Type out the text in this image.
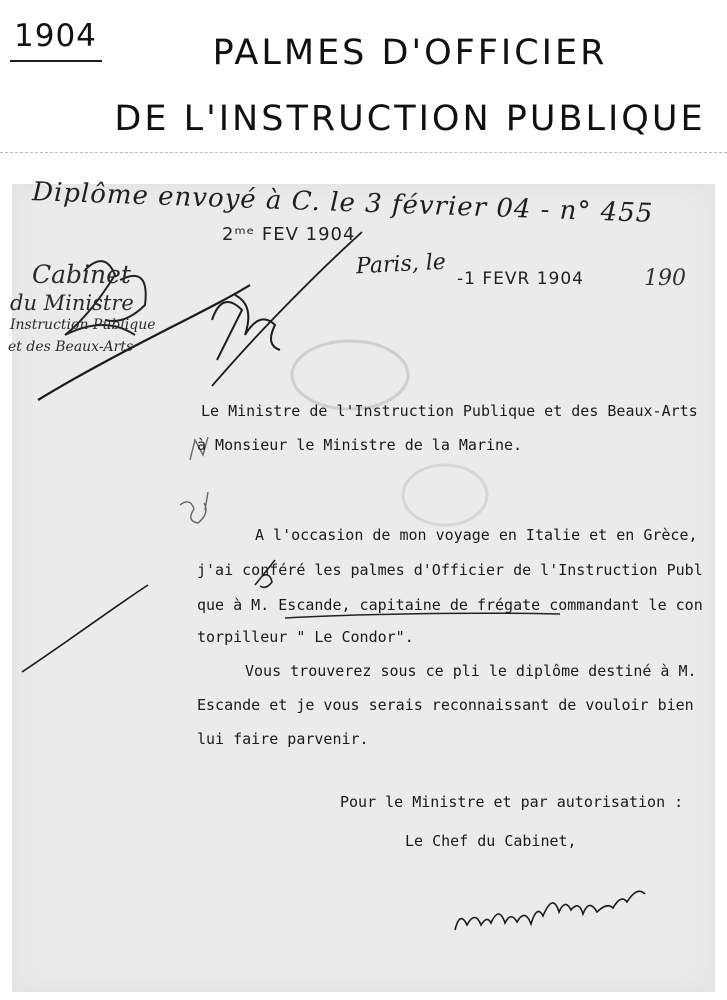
1904	PALMES D'OFFICIER
DE L'INSTRUCTION PUBLIQUE
Diplôme envoyé à C. le 3 février 04 - n° 455
2ᵐᵉ FEV 1904
Cabinet
du Ministre
Instruction Publique
et des Beaux-Arts
Paris, le -1 FEVR 1904	190
Le Ministre de l'Instruction Publique et des Beaux-Arts
à Monsieur le Ministre de la Marine.
A l'occasion de mon voyage en Italie et en Grèce,
j'ai conféré les palmes d'Officier de l'Instruction Publ
que à M. Escande, capitaine de frégate commandant le con
torpilleur " Le Condor".
Vous trouverez sous ce pli le diplôme destiné à M.
Escande et je vous serais reconnaissant de vouloir bien
lui faire parvenir.
Pour le Ministre et par autorisation :
Le Chef du Cabinet,
